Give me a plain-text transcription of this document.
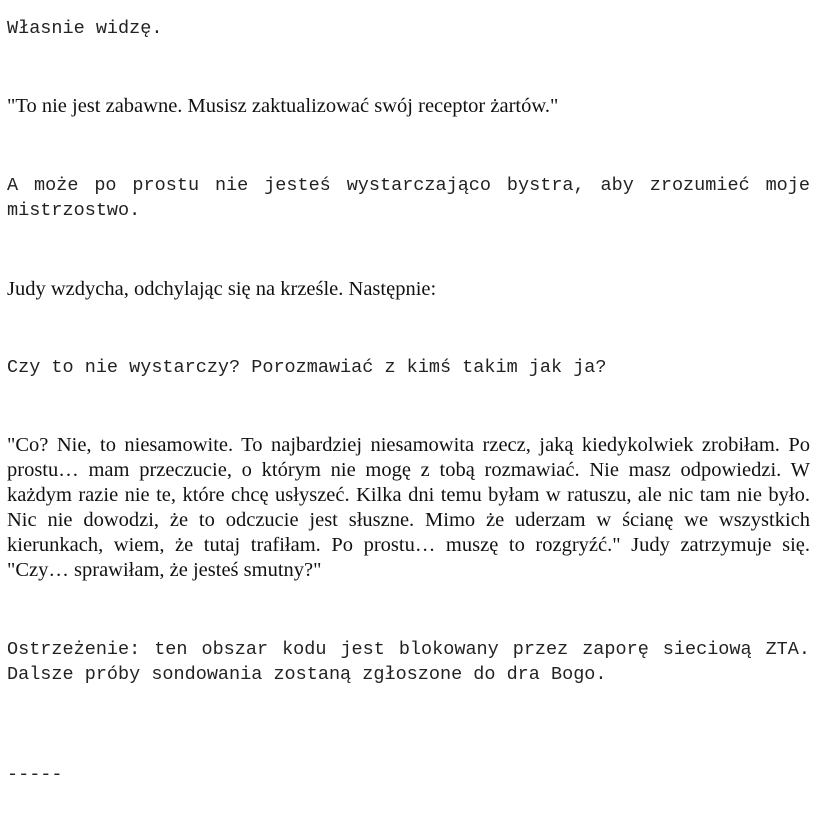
Własnie widzę.

"To nie jest zabawne. Musisz zaktualizować swój receptor żartów."

A może po prostu nie jesteś wystarczająco bystra, aby zrozumieć moje mistrzostwo.

Judy wzdycha, odchylając się na krześle. Następnie:

Czy to nie wystarczy? Porozmawiać z kimś takim jak ja?

"Co? Nie, to niesamowite. To najbardziej niesamowita rzecz, jaką kiedykolwiek zrobiłam. Po prostu… mam przeczucie, o którym nie mogę z tobą rozmawiać. Nie masz odpowiedzi. W każdym razie nie te, które chcę usłyszeć. Kilka dni temu byłam w ratuszu, ale nic tam nie było. Nic nie dowodzi, że to odczucie jest słuszne. Mimo że uderzam w ścianę we wszystkich kierunkach, wiem, że tutaj trafiłam. Po prostu… muszę to rozgryźć." Judy zatrzymuje się. "Czy… sprawiłam, że jesteś smutny?"

Ostrzeżenie: ten obszar kodu jest blokowany przez zaporę sieciową ZTA. Dalsze próby sondowania zostaną zgłoszone do dra Bogo.

-----
